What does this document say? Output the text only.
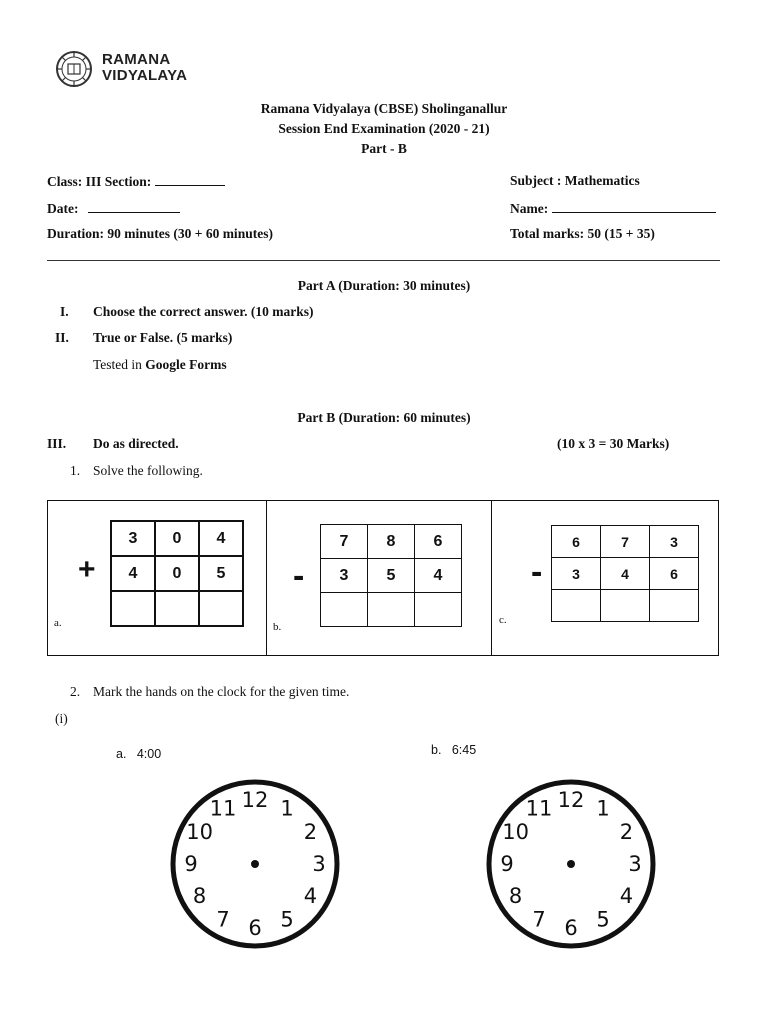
RAMANA
VIDYALAYA
Ramana Vidyalaya (CBSE) Sholinganallur
Session End Examination (2020 - 21)
Part - B
Class: III Section:	Subject : Mathematics
Date:	Name:
Duration: 90 minutes (30 + 60 minutes)	Total marks: 50 (15 + 35)
Part A (Duration: 30 minutes)
I. Choose the correct answer. (10 marks)
II. True or False. (5 marks)
Tested in Google Forms
Part B (Duration: 60 minutes)
III. Do as directed.	(10 x 3 = 30 Marks)
1. Solve the following.
+
3	0	4
4	0	5

a.
-
7	8	6
3	5	4

b.
-
6	7	3
3	4	6

c.
2. Mark the hands on the clock for the given time.
(i)
a. 4:00	b. 6:45
12 1
2
3
4
5
6
7
8
9
10
11	12 1
2
3
4
5
6
7
8
9
10
11
